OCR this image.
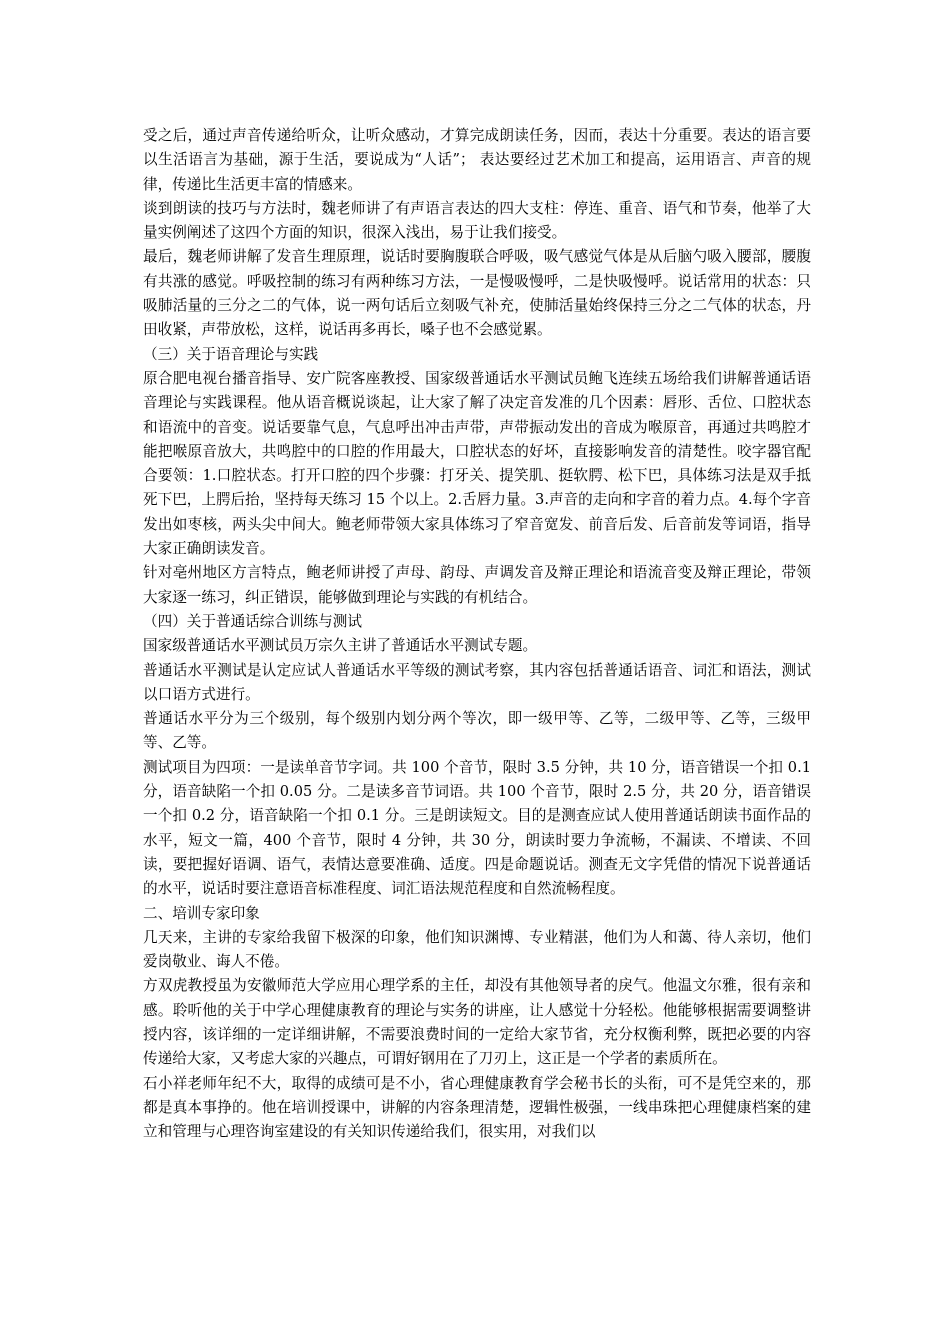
受之后，通过声音传递给听众，让听众感动，才算完成朗读任务，因而，表达十分重要。表达的语言要以生活语言为基础，源于生活，要说成为“人话”； 表达要经过艺术加工和提高，运用语言、声音的规律，传递比生活更丰富的情感来。

谈到朗读的技巧与方法时，魏老师讲了有声语言表达的四大支柱：停连、重音、语气和节奏，他举了大量实例阐述了这四个方面的知识，很深入浅出，易于让我们接受。

最后，魏老师讲解了发音生理原理，说话时要胸腹联合呼吸，吸气感觉气体是从后脑勺吸入腰部，腰腹有共涨的感觉。呼吸控制的练习有两种练习方法，一是慢吸慢呼，二是快吸慢呼。说话常用的状态：只吸肺活量的三分之二的气体，说一两句话后立刻吸气补充，使肺活量始终保持三分之二气体的状态，丹田收紧，声带放松，这样，说话再多再长，嗓子也不会感觉累。

（三）关于语音理论与实践

原合肥电视台播音指导、安广院客座教授、国家级普通话水平测试员鲍飞连续五场给我们讲解普通话语音理论与实践课程。他从语音概说谈起，让大家了解了决定音发准的几个因素：唇形、舌位、口腔状态和语流中的音变。说话要靠气息，气息呼出冲击声带，声带振动发出的音成为喉原音，再通过共鸣腔才能把喉原音放大，共鸣腔中的口腔的作用最大，口腔状态的好坏，直接影响发音的清楚性。咬字器官配合要领：1.口腔状态。打开口腔的四个步骤：打牙关、提笑肌、挺软腭、松下巴，具体练习法是双手抵死下巴，上腭后抬，坚持每天练习 15 个以上。2.舌唇力量。3.声音的走向和字音的着力点。4.每个字音发出如枣核，两头尖中间大。鲍老师带领大家具体练习了窄音宽发、前音后发、后音前发等词语，指导大家正确朗读发音。

针对亳州地区方言特点，鲍老师讲授了声母、韵母、声调发音及辩正理论和语流音变及辩正理论，带领大家逐一练习，纠正错误，能够做到理论与实践的有机结合。

（四）关于普通话综合训练与测试

国家级普通话水平测试员万宗久主讲了普通话水平测试专题。

普通话水平测试是认定应试人普通话水平等级的测试考察，其内容包括普通话语音、词汇和语法，测试以口语方式进行。

普通话水平分为三个级别，每个级别内划分两个等次，即一级甲等、乙等，二级甲等、乙等，三级甲等、乙等。

测试项目为四项：一是读单音节字词。共 100 个音节，限时 3.5 分钟，共 10 分，语音错误一个扣 0.1 分，语音缺陷一个扣 0.05 分。二是读多音节词语。共 100 个音节，限时 2.5 分，共 20 分，语音错误一个扣 0.2 分，语音缺陷一个扣 0.1 分。三是朗读短文。目的是测查应试人使用普通话朗读书面作品的水平，短文一篇，400 个音节，限时 4 分钟，共 30 分，朗读时要力争流畅，不漏读、不增读、不回读，要把握好语调、语气，表情达意要准确、适度。四是命题说话。测查无文字凭借的情况下说普通话的水平，说话时要注意语音标准程度、词汇语法规范程度和自然流畅程度。

二、培训专家印象

几天来，主讲的专家给我留下极深的印象，他们知识渊博、专业精湛，他们为人和蔼、待人亲切，他们爱岗敬业、诲人不倦。

方双虎教授虽为安徽师范大学应用心理学系的主任，却没有其他领导者的戾气。他温文尔雅，很有亲和感。聆听他的关于中学心理健康教育的理论与实务的讲座，让人感觉十分轻松。他能够根据需要调整讲授内容，该详细的一定详细讲解，不需要浪费时间的一定给大家节省，充分权衡利弊，既把必要的内容传递给大家，又考虑大家的兴趣点，可谓好钢用在了刀刃上，这正是一个学者的素质所在。

石小祥老师年纪不大，取得的成绩可是不小，省心理健康教育学会秘书长的头衔，可不是凭空来的，那都是真本事挣的。他在培训授课中，讲解的内容条理清楚，逻辑性极强，一线串珠把心理健康档案的建立和管理与心理咨询室建设的有关知识传递给我们，很实用，对我们以
